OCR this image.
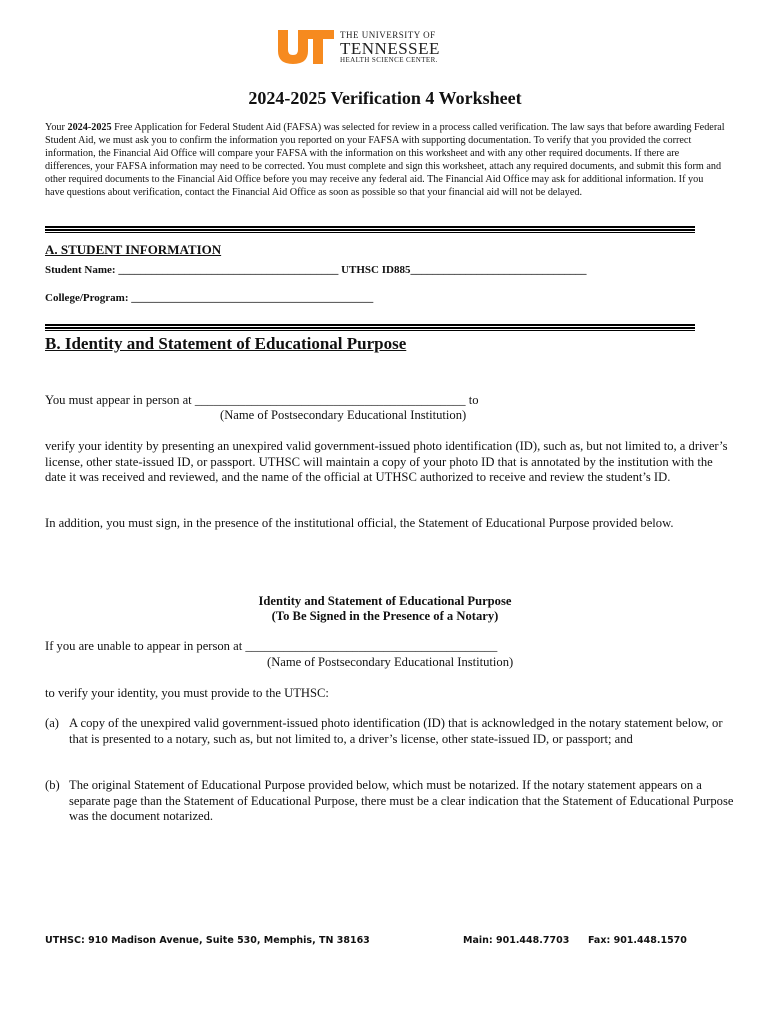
THE UNIVERSITY OF
TENNESSEE
HEALTH SCIENCE CENTER.
2024-2025 Verification 4 Worksheet
Your 2024-2025 Free Application for Federal Student Aid (FAFSA) was selected for review in a process called verification. The law says that before awarding Federal Student Aid, we must ask you to confirm the information you reported on your FAFSA with supporting documentation. To verify that you provided the correct information, the Financial Aid Office will compare your FAFSA with the information on this worksheet and with any other required documents. If there are differences, your FAFSA information may need to be corrected. You must complete and sign this worksheet, attach any required documents, and submit this form and other required documents to the Financial Aid Office before you may receive any federal aid. The Financial Aid Office may ask for additional information. If you have questions about verification, contact the Financial Aid Office as soon as possible so that your financial aid will not be delayed.
A. STUDENT INFORMATION
Student Name: ________________________________________ UTHSC ID885________________________________
College/Program: ____________________________________________
B. Identity and Statement of Educational Purpose
You must appear in person at ___________________________________________ to
(Name of Postsecondary Educational Institution)
verify your identity by presenting an unexpired valid government-issued photo identification (ID), such as, but not limited to, a driver’s license, other state-issued ID, or passport. UTHSC will maintain a copy of your photo ID that is annotated by the institution with the date it was received and reviewed, and the name of the official at UTHSC authorized to receive and review the student’s ID.
In addition, you must sign, in the presence of the institutional official, the Statement of Educational Purpose provided below.
Identity and Statement of Educational Purpose
(To Be Signed in the Presence of a Notary)
If you are unable to appear in person at ________________________________________
(Name of Postsecondary Educational Institution)
to verify your identity, you must provide to the UTHSC:
(a) A copy of the unexpired valid government-issued photo identification (ID) that is acknowledged in the notary statement below, or that is presented to a notary, such as, but not limited to, a driver’s license, other state-issued ID, or passport; and
(b) The original Statement of Educational Purpose provided below, which must be notarized. If the notary statement appears on a separate page than the Statement of Educational Purpose, there must be a clear indication that the Statement of Educational Purpose was the document notarized.
UTHSC: 910 Madison Avenue, Suite 530, Memphis, TN 38163	Main: 901.448.7703 Fax: 901.448.1570
